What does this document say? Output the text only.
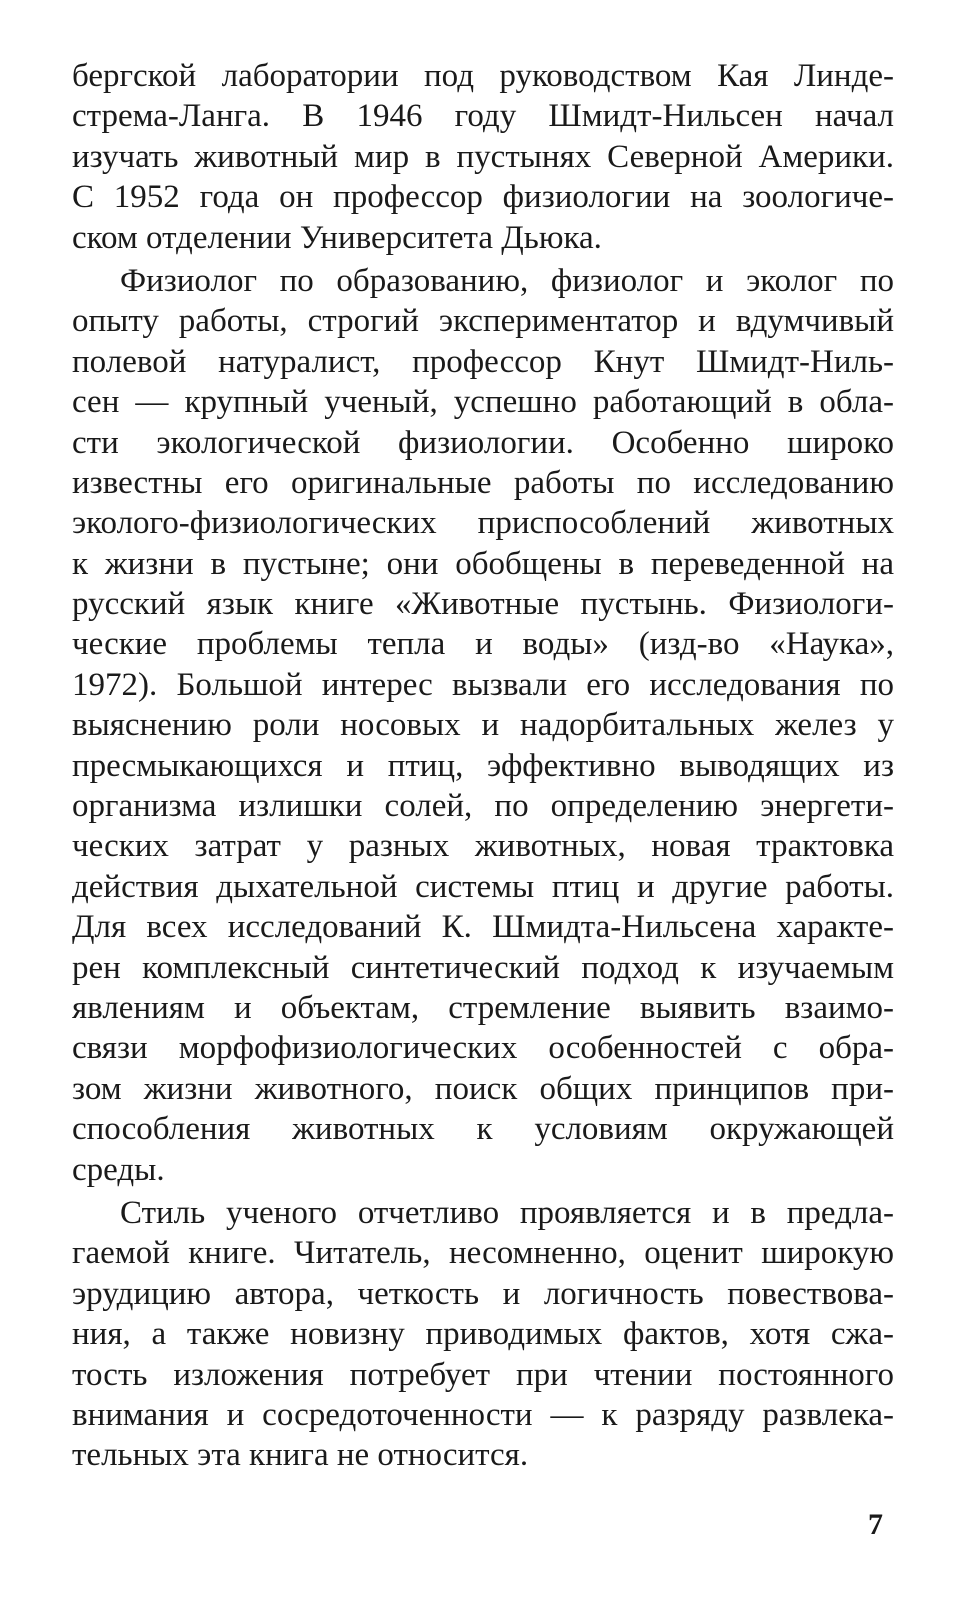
бергской лаборатории под руководством Кая Линде-
стрема-Ланга. В 1946 году Шмидт-Нильсен начал
изучать животный мир в пустынях Северной Америки.
С 1952 года он профессор физиологии на зоологиче-
ском отделении Университета Дьюка.
Физиолог по образованию, физиолог и эколог по
опыту работы, строгий экспериментатор и вдумчивый
полевой натуралист, профессор Кнут Шмидт-Ниль-
сен — крупный ученый, успешно работающий в обла-
сти экологической физиологии. Особенно широко
известны его оригинальные работы по исследованию
эколого-физиологических приспособлений животных
к жизни в пустыне; они обобщены в переведенной на
русский язык книге «Животные пустынь. Физиологи-
ческие проблемы тепла и воды» (изд-во «Наука»,
1972). Большой интерес вызвали его исследования по
выяснению роли носовых и надорбитальных желез у
пресмыкающихся и птиц, эффективно выводящих из
организма излишки солей, по определению энергети-
ческих затрат у разных животных, новая трактовка
действия дыхательной системы птиц и другие работы.
Для всех исследований К. Шмидта-Нильсена характе-
рен комплексный синтетический подход к изучаемым
явлениям и объектам, стремление выявить взаимо-
связи морфофизиологических особенностей с обра-
зом жизни животного, поиск общих принципов при-
способления животных к условиям окружающей
среды.
Стиль ученого отчетливо проявляется и в предла-
гаемой книге. Читатель, несомненно, оценит широкую
эрудицию автора, четкость и логичность повествова-
ния, а также новизну приводимых фактов, хотя сжа-
тость изложения потребует при чтении постоянного
внимания и сосредоточенности — к разряду развлека-
тельных эта книга не относится.
7
